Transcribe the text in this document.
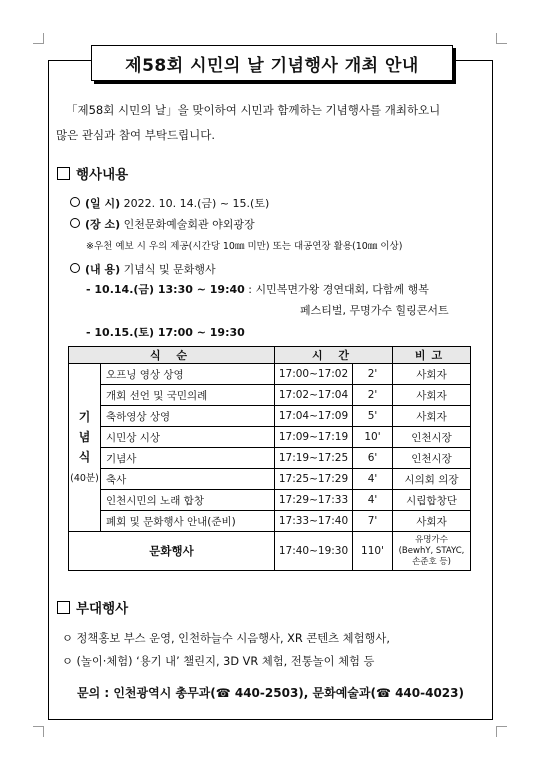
제58회 시민의 날 기념행사 개최 안내
「제58회 시민의 날」을 맞이하여 시민과 함께하는 기념행사를 개최하오니
많은 관심과 참여 부탁드립니다.
행사내용
(일 시) 2022. 10. 14.(금) ~ 15.(토)
(장 소) 인천문화예술회관 야외광장
※우천 예보 시 우의 제공(시간당 10㎜ 미만) 또는 대공연장 활용(10㎜ 이상)
(내 용) 기념식 및 문화행사
- 10.14.(금) 13:30 ~ 19:40 : 시민복면가왕 경연대회, 다함께 행복
페스티벌, 무명가수 힐링콘서트
- 10.15.(토) 17:00 ~ 19:30
식 순		시 간		비고

기
념
식
(40분)	오프닝 영상 상영	17:00~17:02	2'	사회자
	개회 선언 및 국민의례	17:02~17:04	2'	사회자
	축하영상 상영	17:04~17:09	5'	사회자
	시민상 시상	17:09~17:19	10'	인천시장
	기념사	17:19~17:25	6'	인천시장
	축사	17:25~17:29	4'	시의회 의장
	인천시민의 노래 합창	17:29~17:33	4'	시립합창단
	폐회 및 문화행사 안내(준비)	17:33~17:40	7'	사회자
문화행사		17:40~19:30	110'	유명가수
(BewhY, STAYC,
손준호 등)
부대행사
ㅇ 정책홍보 부스 운영, 인천하늘수 시음행사, XR 콘텐츠 체험행사,
ㅇ (놀이·체험) ‘용기 내’ 챌린지, 3D VR 체험, 전통놀이 체험 등
문의 : 인천광역시 총무과(☎ 440-2503), 문화예술과(☎ 440-4023)
